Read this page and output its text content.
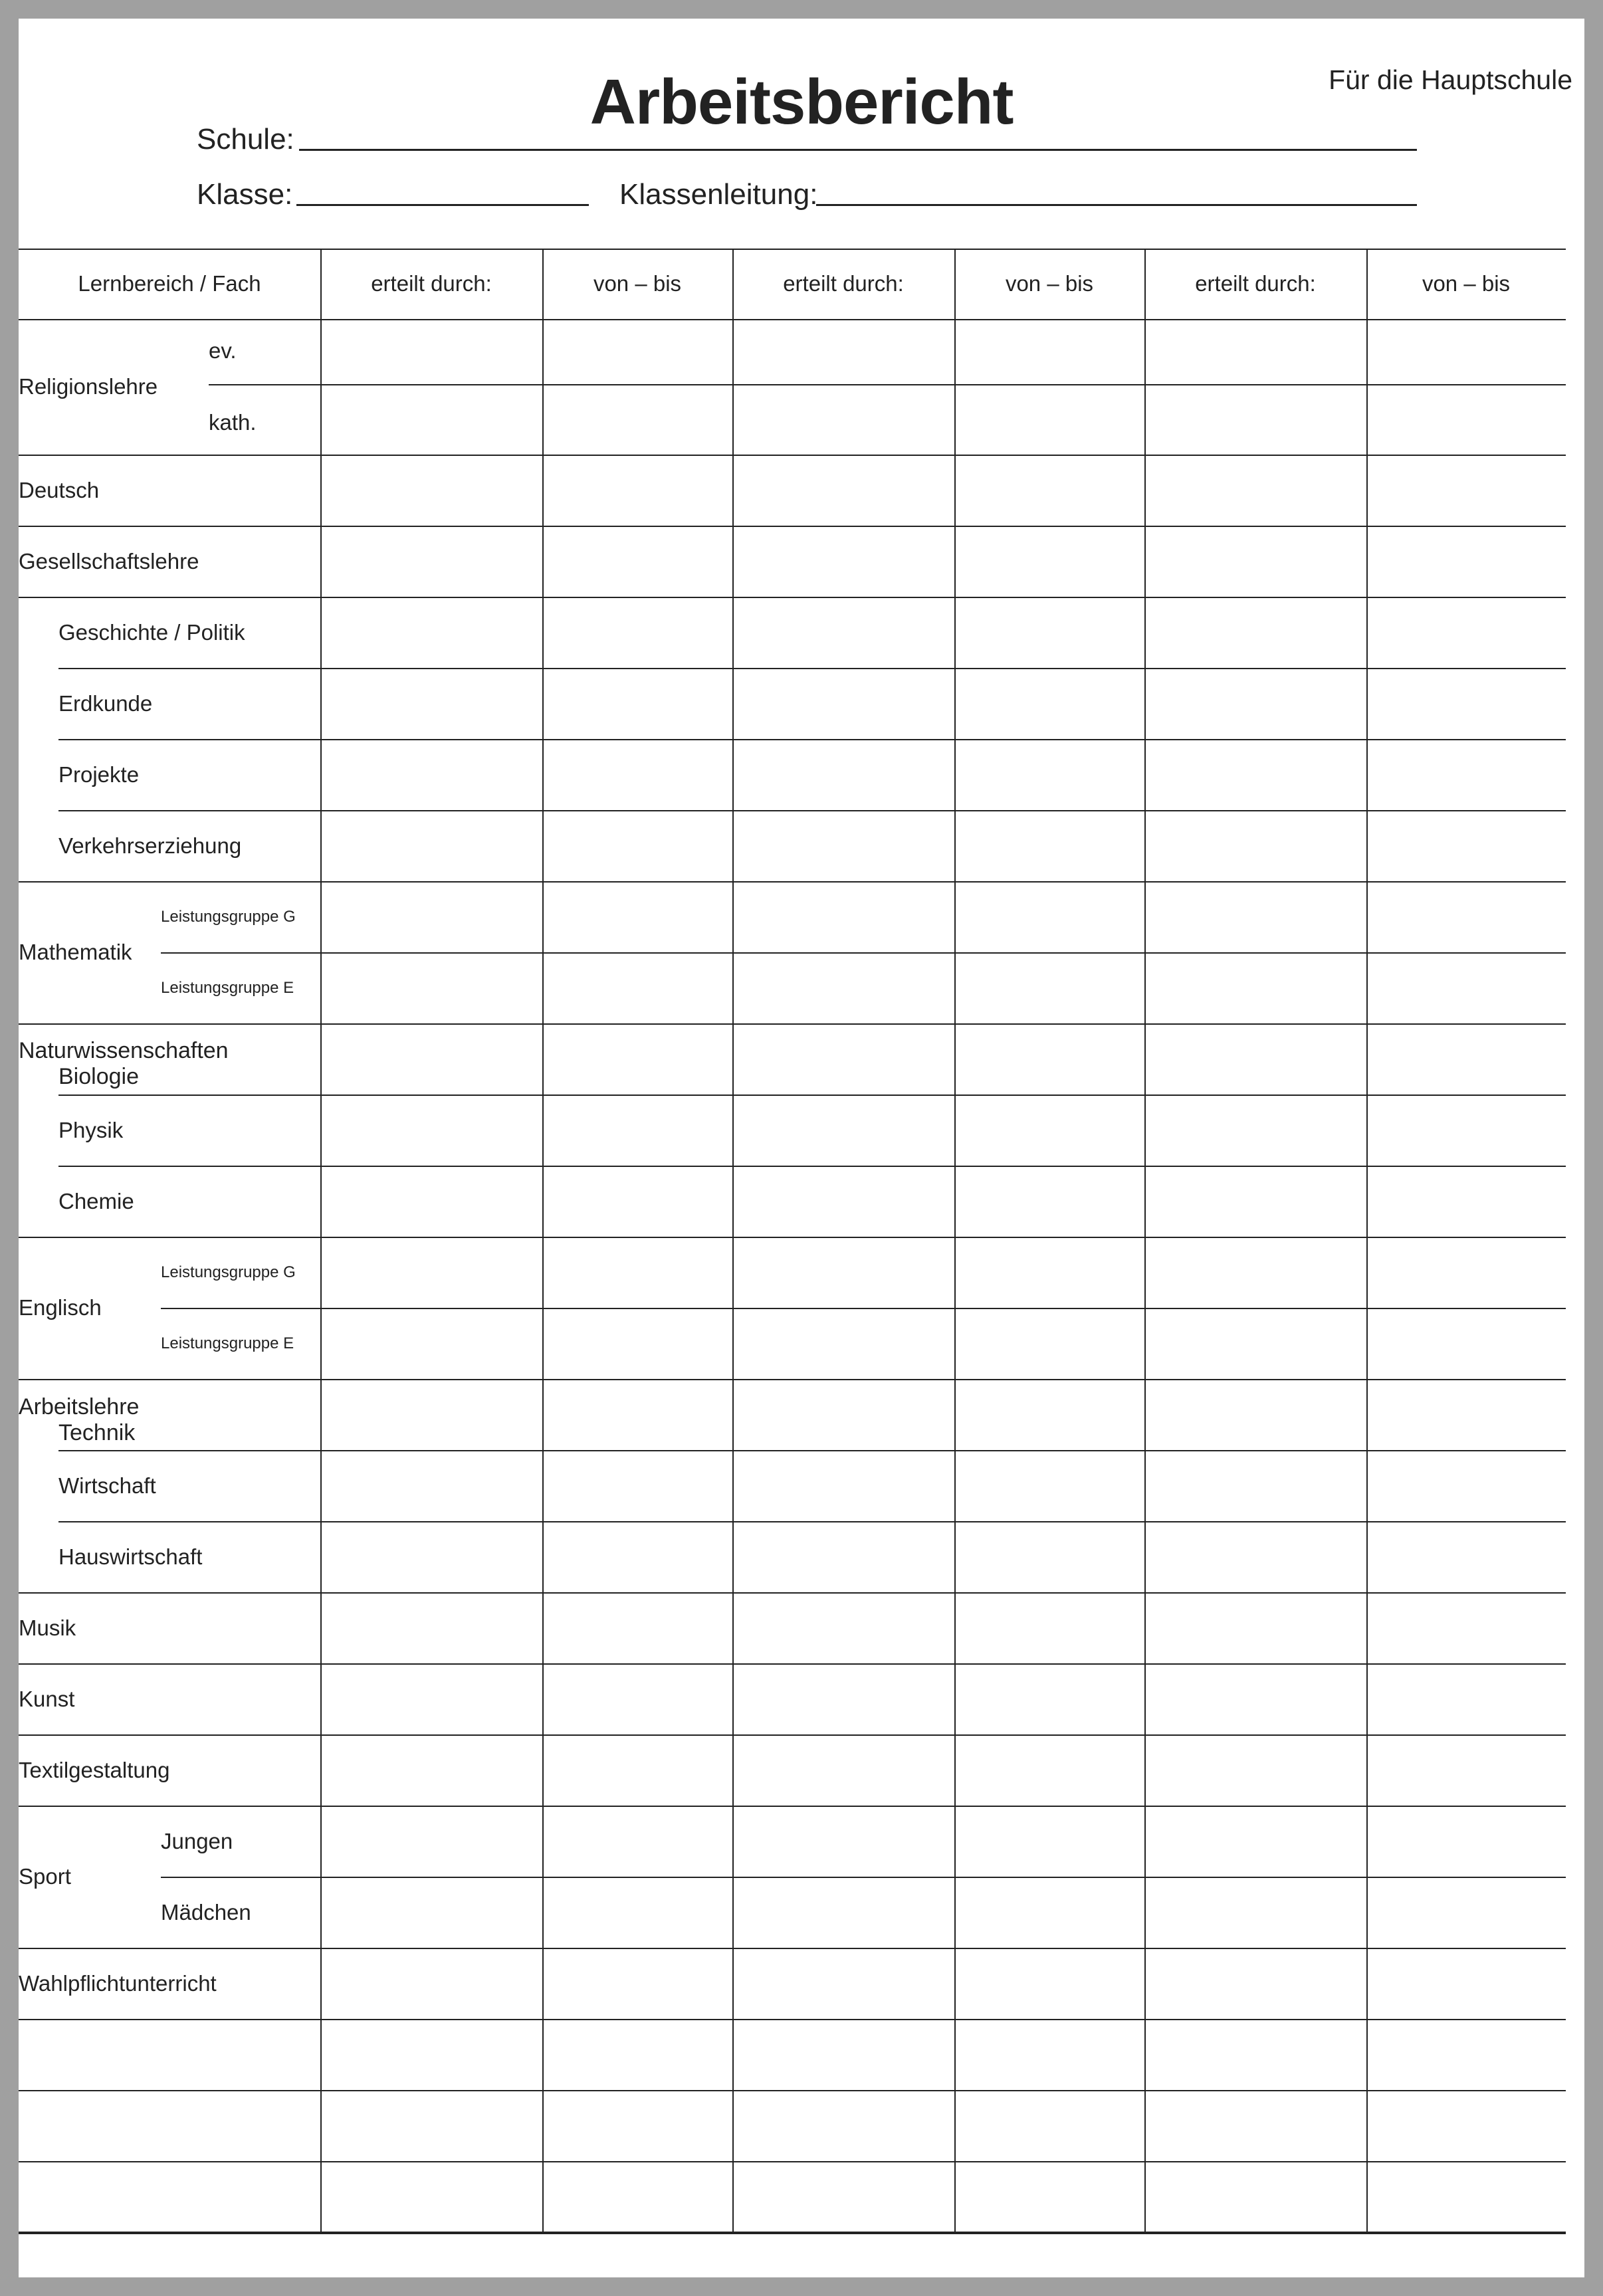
Arbeitsbericht	Für die Hauptschule
Schule:
Klasse:	Klassenleitung:
Lernbereich / Fach	erteilt durch:	von – bis	erteilt durch:	von – bis	erteilt durch:	von – bis
Religionslehre
ev.
kath.
Deutsch
Gesellschaftslehre
Geschichte / Politik
Erdkunde
Projekte
Verkehrserziehung
Mathematik
Leistungsgruppe G
Leistungsgruppe E
Naturwissenschaften
Biologie
Physik
Chemie
Englisch
Leistungsgruppe G
Leistungsgruppe E
Arbeitslehre
Technik
Wirtschaft
Hauswirtschaft
Musik
Kunst
Textilgestaltung
Sport
Jungen
Mädchen
Wahlpflichtunterricht
